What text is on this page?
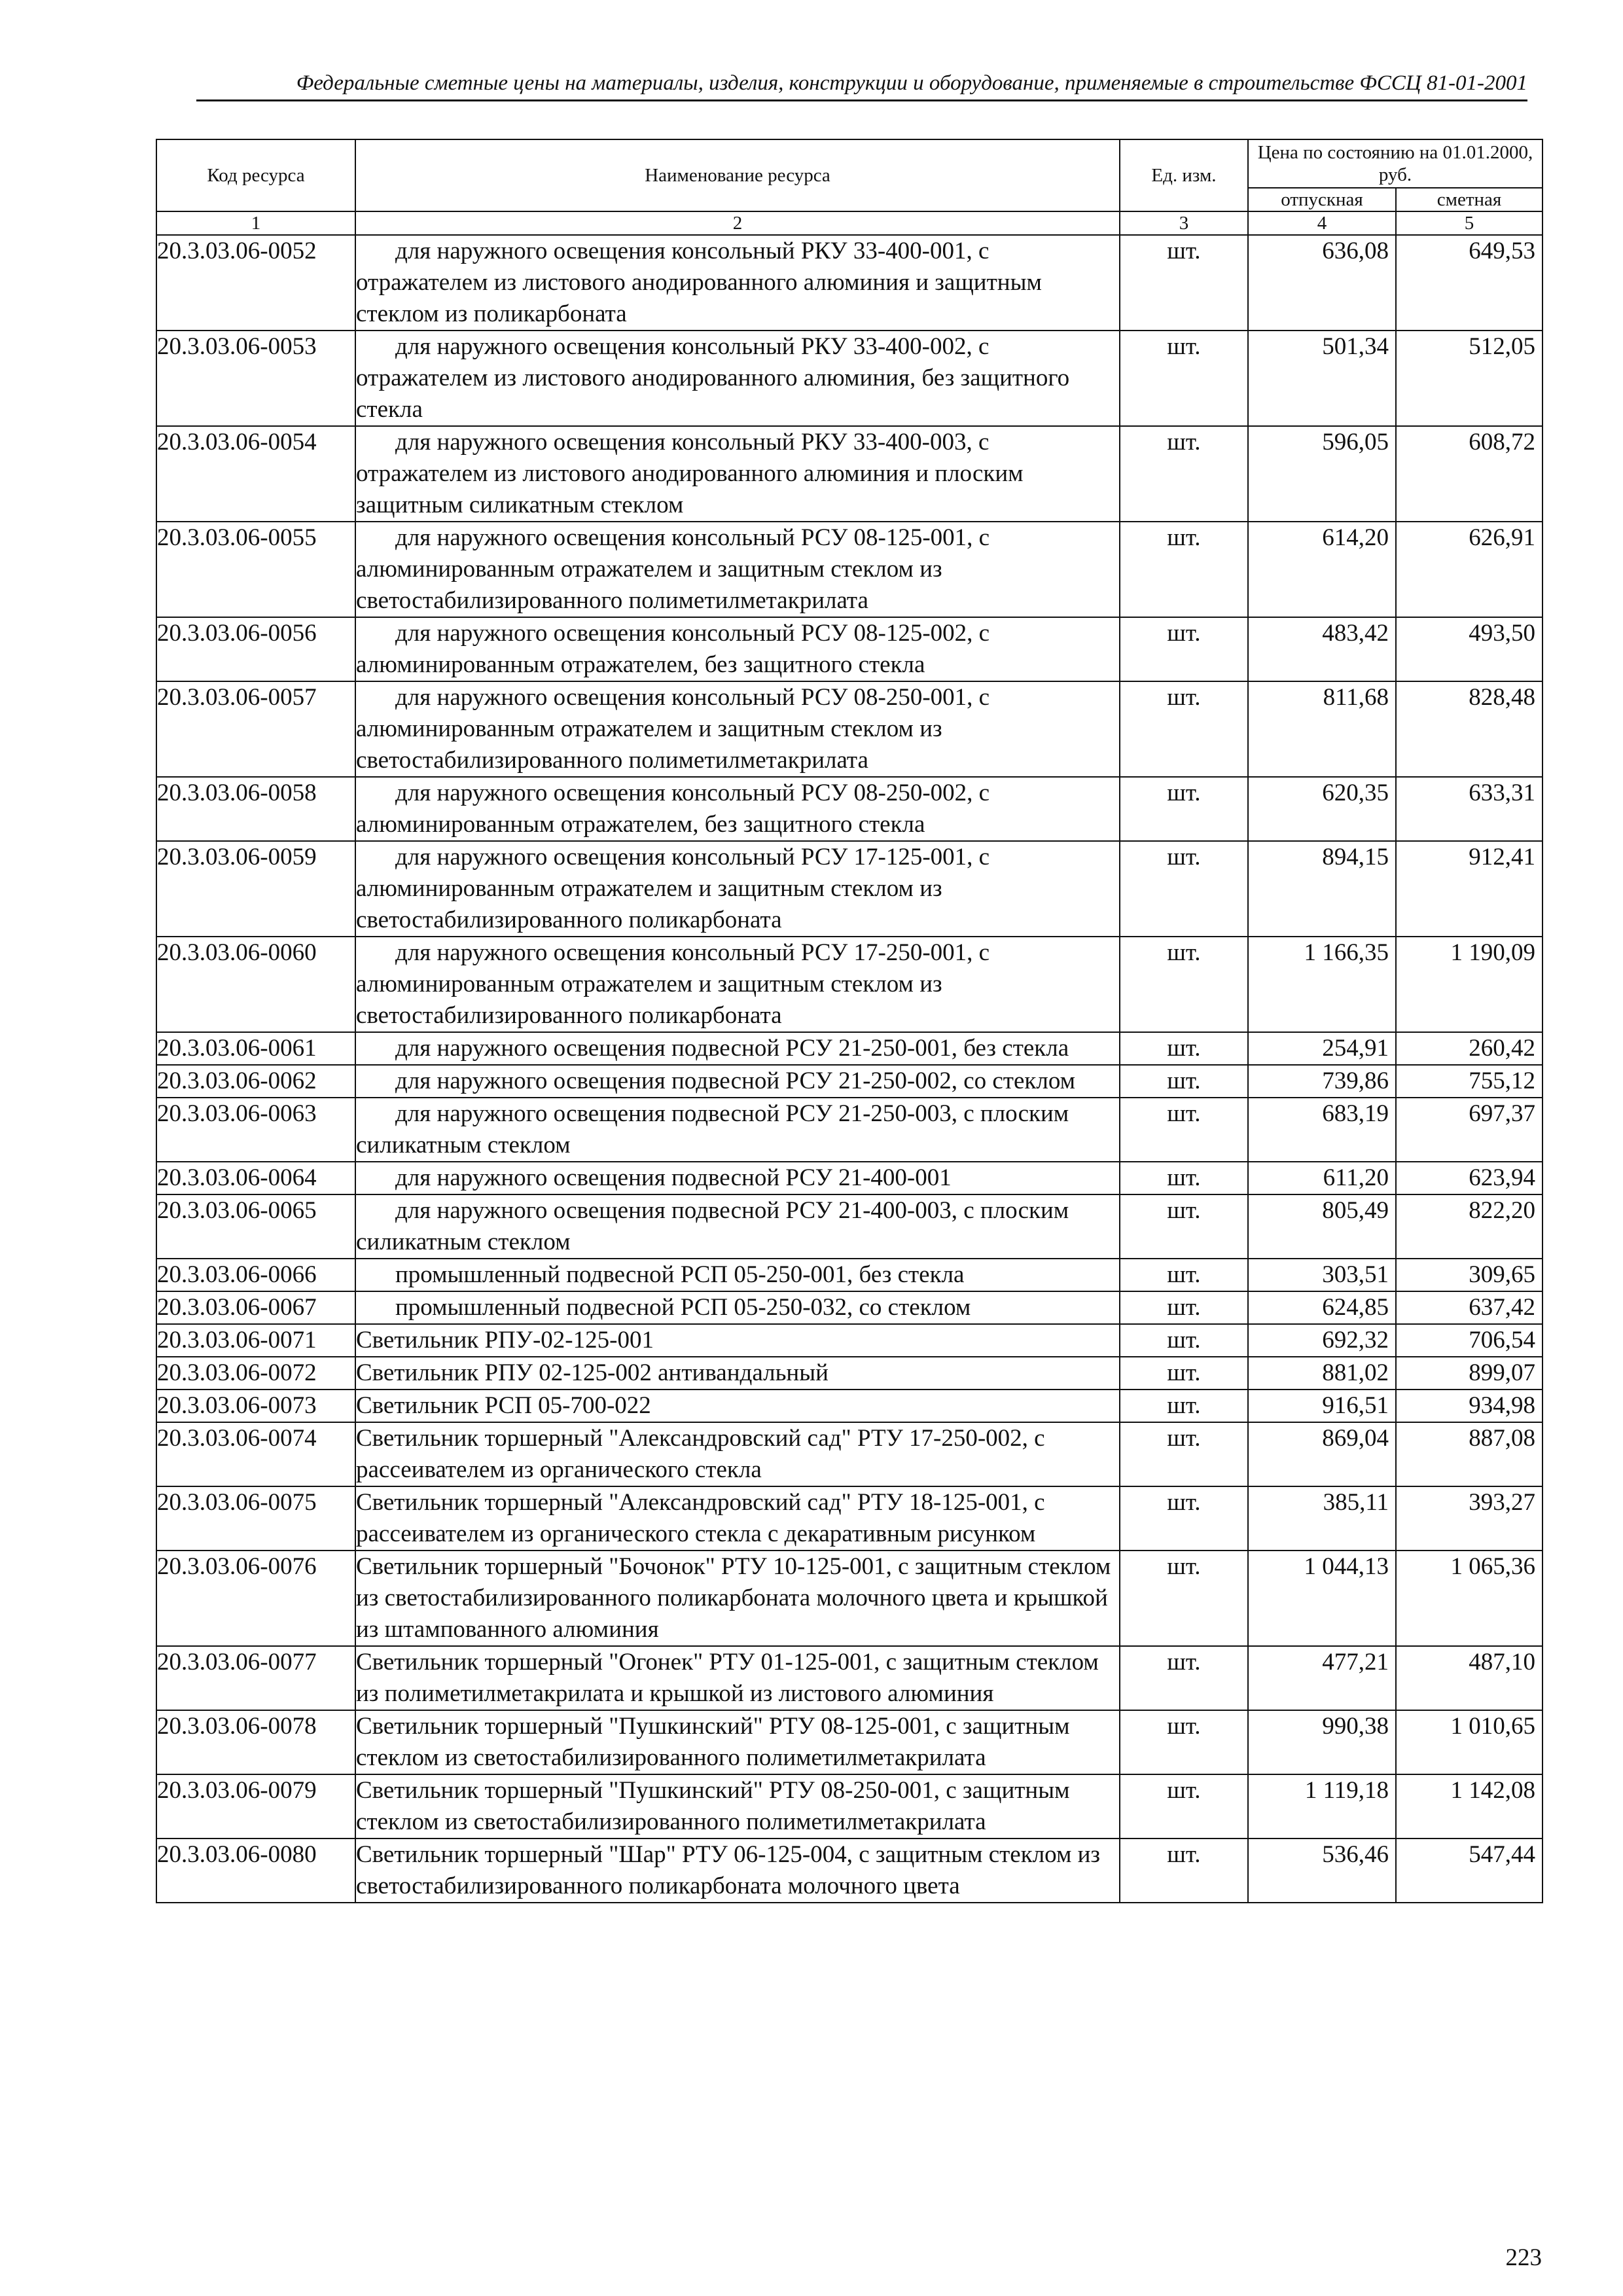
Федеральные сметные цены на материалы, изделия, конструкции и оборудование, применяемые в строительстве ФССЦ 81-01-2001
Код ресурса	Наименование ресурса	Ед. изм.	Цена по состоянию на 01.01.2000, руб.	
			отпускная	сметная
1	2	3	4	5
20.3.03.06-0052	для наружного освещения консольный РКУ 33-400-001, с отражателем из листового анодированного алюминия и защитным стеклом из поликарбоната	шт.	636,08	649,53
20.3.03.06-0053	для наружного освещения консольный РКУ 33-400-002, с отражателем из листового анодированного алюминия, без защитного стекла	шт.	501,34	512,05
20.3.03.06-0054	для наружного освещения консольный РКУ 33-400-003, с отражателем из листового анодированного алюминия и плоским защитным силикатным стеклом	шт.	596,05	608,72
20.3.03.06-0055	для наружного освещения консольный РСУ 08-125-001, с алюминированным отражателем и защитным стеклом из светостабилизированного полиметилметакрилата	шт.	614,20	626,91
20.3.03.06-0056	для наружного освещения консольный РСУ 08-125-002, с алюминированным отражателем, без защитного стекла	шт.	483,42	493,50
20.3.03.06-0057	для наружного освещения консольный РСУ 08-250-001, с алюминированным отражателем и защитным стеклом из светостабилизированного полиметилметакрилата	шт.	811,68	828,48
20.3.03.06-0058	для наружного освещения консольный РСУ 08-250-002, с алюминированным отражателем, без защитного стекла	шт.	620,35	633,31
20.3.03.06-0059	для наружного освещения консольный РСУ 17-125-001, с алюминированным отражателем и защитным стеклом из светостабилизированного поликарбоната	шт.	894,15	912,41
20.3.03.06-0060	для наружного освещения консольный РСУ 17-250-001, с алюминированным отражателем и защитным стеклом из светостабилизированного поликарбоната	шт.	1 166,35	1 190,09
20.3.03.06-0061	для наружного освещения подвесной РСУ 21-250-001, без стекла	шт.	254,91	260,42
20.3.03.06-0062	для наружного освещения подвесной РСУ 21-250-002, со стеклом	шт.	739,86	755,12
20.3.03.06-0063	для наружного освещения подвесной РСУ 21-250-003, с плоским силикатным стеклом	шт.	683,19	697,37
20.3.03.06-0064	для наружного освещения подвесной РСУ 21-400-001	шт.	611,20	623,94
20.3.03.06-0065	для наружного освещения подвесной РСУ 21-400-003, с плоским силикатным стеклом	шт.	805,49	822,20
20.3.03.06-0066	промышленный подвесной РСП 05-250-001, без стекла	шт.	303,51	309,65
20.3.03.06-0067	промышленный подвесной РСП 05-250-032, со стеклом	шт.	624,85	637,42
20.3.03.06-0071	Светильник РПУ-02-125-001	шт.	692,32	706,54
20.3.03.06-0072	Светильник РПУ 02-125-002 антивандальный	шт.	881,02	899,07
20.3.03.06-0073	Светильник РСП 05-700-022	шт.	916,51	934,98
20.3.03.06-0074	Светильник торшерный "Александровский сад" РТУ 17-250-002, с рассеивателем из органического стекла	шт.	869,04	887,08
20.3.03.06-0075	Светильник торшерный "Александровский сад" РТУ 18-125-001, с рассеивателем из органического стекла с декаративным рисунком	шт.	385,11	393,27
20.3.03.06-0076	Светильник торшерный "Бочонок" РТУ 10-125-001, с защитным стеклом из светостабилизированного поликарбоната молочного цвета и крышкой из штампованного алюминия	шт.	1 044,13	1 065,36
20.3.03.06-0077	Светильник торшерный "Огонек" РТУ 01-125-001, с защитным стеклом из полиметилметакрилата и крышкой из листового алюминия	шт.	477,21	487,10
20.3.03.06-0078	Светильник торшерный "Пушкинский" РТУ 08-125-001, с защитным стеклом из светостабилизированного полиметилметакрилата	шт.	990,38	1 010,65
20.3.03.06-0079	Светильник торшерный "Пушкинский" РТУ 08-250-001, с защитным стеклом из светостабилизированного полиметилметакрилата	шт.	1 119,18	1 142,08
20.3.03.06-0080	Светильник торшерный "Шар" РТУ 06-125-004, с защитным стеклом из светостабилизированного поликарбоната молочного цвета	шт.	536,46	547,44
223
